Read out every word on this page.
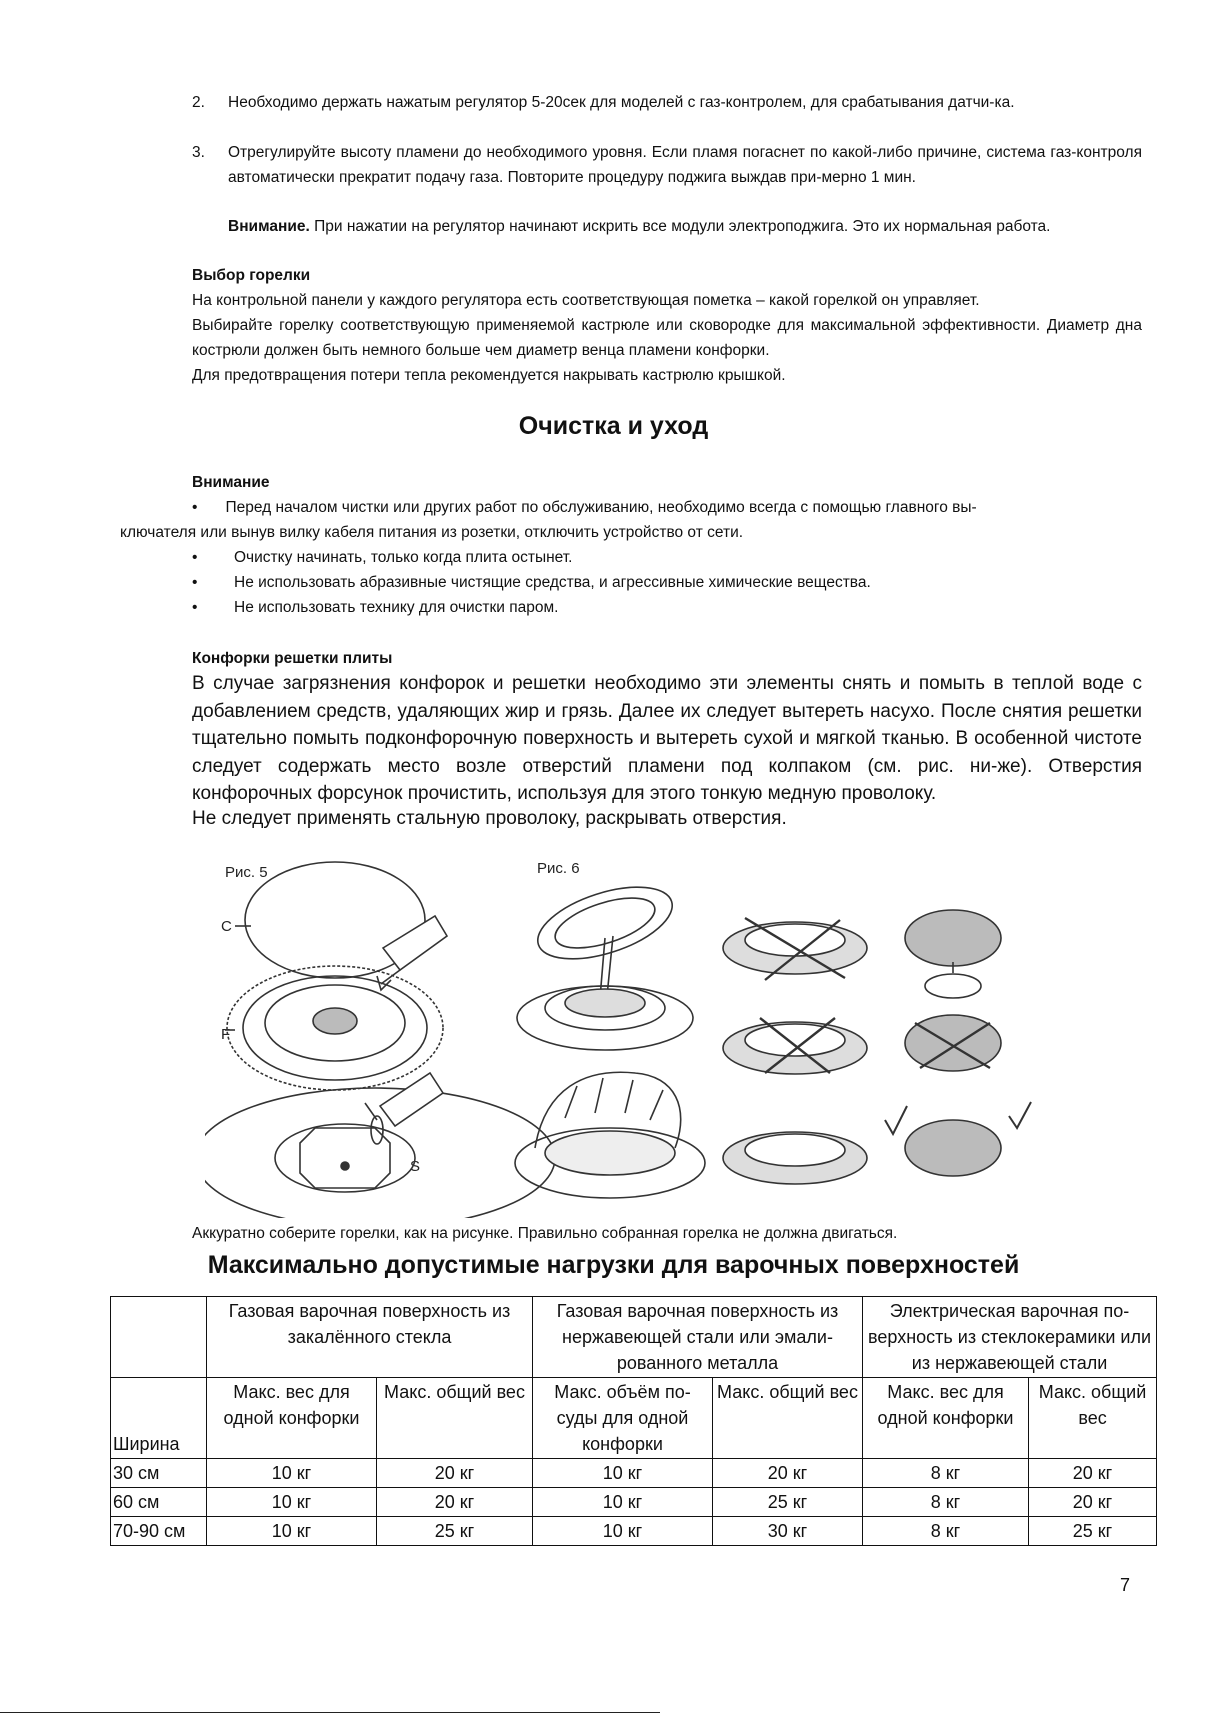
2. Необходимо держать нажатым регулятор 5-20сек для моделей с газ-контролем, для срабатывания датчи-ка.
3. Отрегулируйте высоту пламени до необходимого уровня. Если пламя погаснет по какой-либо причине, система газ-контроля автоматически прекратит подачу газа. Повторите процедуру поджига выждав при-мерно 1 мин.
Внимание. При нажатии на регулятор начинают искрить все модули электроподжига. Это их нормальная работа.
Выбор горелки
На контрольной панели у каждого регулятора есть соответствующая пометка – какой горелкой он управляет.
Выбирайте горелку соответствующую применяемой кастрюле или сковородке для максимальной эффективности. Диаметр дна кострюли должен быть немного больше чем диаметр венца пламени конфорки.
Для предотвращения потери тепла рекомендуется накрывать кастрюлю крышкой.
Очистка и уход
Внимание
• Перед началом чистки или других работ по обслуживанию, необходимо всегда с помощью главного вы-
ключателя или вынув вилку кабеля питания из розетки, отключить устройство от сети.
• Очистку начинать, только когда плита остынет.
• Не использовать абразивные чистящие средства, и агрессивные химические вещества.
• Не использовать технику для очистки паром.
Конфорки решетки плиты
В случае загрязнения конфорок и решетки необходимо эти элементы снять и помыть в теплой воде с добавлением средств, удаляющих жир и грязь. Далее их следует вытереть насухо. После снятия решетки тщательно помыть подконфорочную поверхность и вытереть сухой и мягкой тканью. В особенной чистоте следует содержать место возле отверстий пламени под колпаком (см. рис. ни-же). Отверстия конфорочных форсунок прочистить, используя для этого тонкую медную проволоку.
Не следует применять стальную проволоку, раскрывать отверстия.
Рис. 5	Рис. 6
C
F
S
Аккуратно соберите горелки, как на рисунке. Правильно собранная горелка не должна двигаться.
Максимально допустимые нагрузки для варочных поверхностей
	Газовая варочная поверхность из закалённого стекла		Газовая варочная поверхность из нержавеющей стали или эмали-рованного металла		Электрическая варочная по-верхность из стеклокерамики или из нержавеющей стали	
Ширина	Макс. вес для одной конфорки	Макс. общий вес	Макс. объём по-суды для одной конфорки	Макс. общий вес	Макс. вес для одной конфорки	Макс. общий вес
30 см	10 кг	20 кг	10 кг	20 кг	8 кг	20 кг
60 см	10 кг	20 кг	10 кг	25 кг	8 кг	20 кг
70-90 см	10 кг	25 кг	10 кг	30 кг	8 кг	25 кг
7
